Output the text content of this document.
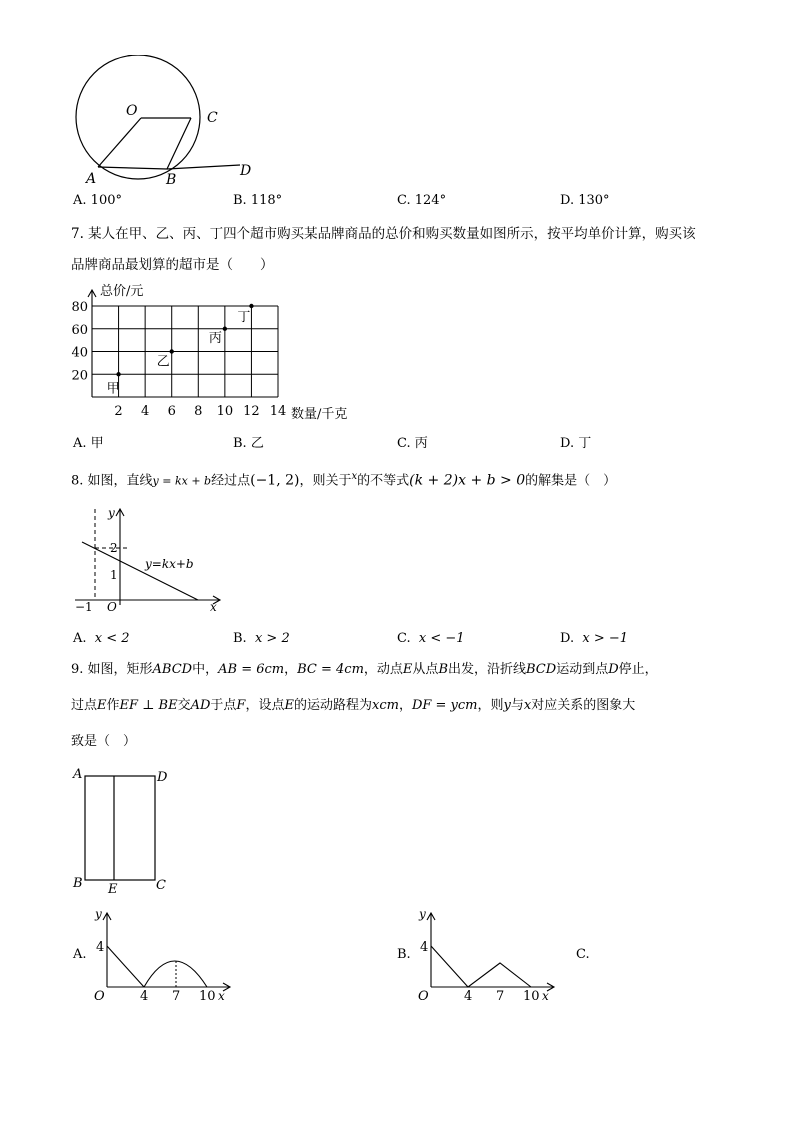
O	C
A	B
D
A. 100°	B. 118°	C. 124°	D. 130°
7. 某人在甲、乙、丙、丁四个超市购买某品牌商品的总价和购买数量如图所示，按平均单价计算，购买该
品牌商品最划算的超市是（　　）
2 4 6 8 10 12 14
20
40
60
80
甲
乙
丙
丁
总价/元
数量/千克
A. 甲	B. 乙	C. 丙	D. 丁
8. 如图，直线y = kx + b经过点(−1, 2)，则关于$^x$的不等式(k + 2)x + b > 0的解集是（　）
y
x
2
1
−1 O
y=kx+b
A. x < 2	B. x > 2	C. x < −1	D. x > −1
9. 如图，矩形ABCD中，AB = 6cm，BC = 4cm，动点E从点B出发，沿折线BCD运动到点D停止，
过点E作EF ⊥ BE交AD于点F，设点E的运动路程为xcm，DF = ycm，则y与x对应关系的图象大
致是（　）
A	D
B E	C
A.
y
4
O	4 7 10 x
B.
y
4
O	4 7 10 x
C.
